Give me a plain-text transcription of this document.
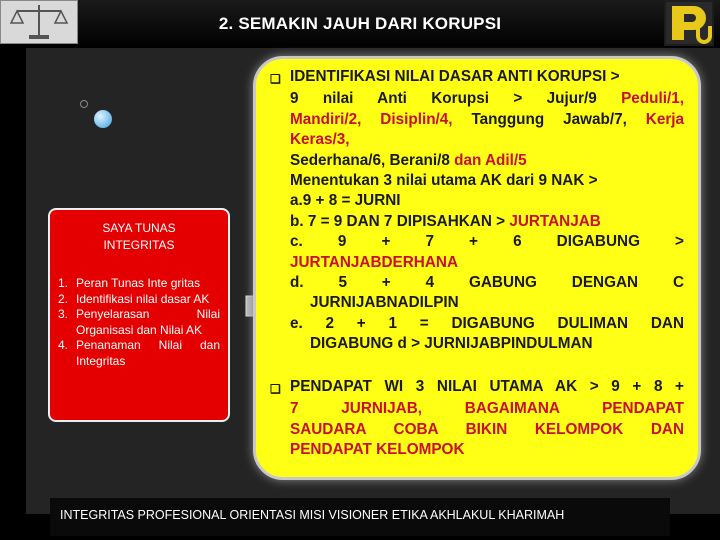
2. SEMAKIN JAUH DARI KORUPSI
SAYA TUNAS
INTEGRITAS
1. Peran Tunas Inte gritas
2. Identifikasi nilai dasar AK
3. Penyelarasan Nilai Organisasi dan Nilai AK
4. Penanaman Nilai dan Integritas
❏ IDENTIFIKASI NILAI DASAR ANTI KORUPSI >
9 nilai Anti Korupsi > Jujur/9 Peduli/1,
Mandiri/2, Disiplin/4, Tanggung Jawab/7, Kerja Keras/3,
Sederhana/6, Berani/8 dan Adil/5
Menentukan 3 nilai utama AK dari 9 NAK >
a.9 + 8 = JURNI
b. 7 = 9 DAN 7 DIPISAHKAN > JURTANJAB
c. 9 + 7 + 6 DIGABUNG >
JURTANJABDERHANA
d. 5 + 4 GABUNG DENGAN C
JURNIJABNADILPIN
e. 2 + 1 = DIGABUNG DULIMAN DAN
DIGABUNG d > JURNIJABPINDULMAN
❏ PENDAPAT WI 3 NILAI UTAMA AK > 9 + 8 +
7 JURNIJAB, BAGAIMANA PENDAPAT
SAUDARA COBA BIKIN KELOMPOK DAN
PENDAPAT KELOMPOK
INTEGRITAS PROFESIONAL ORIENTASI MISI VISIONER ETIKA AKHLAKUL KHARIMAH
